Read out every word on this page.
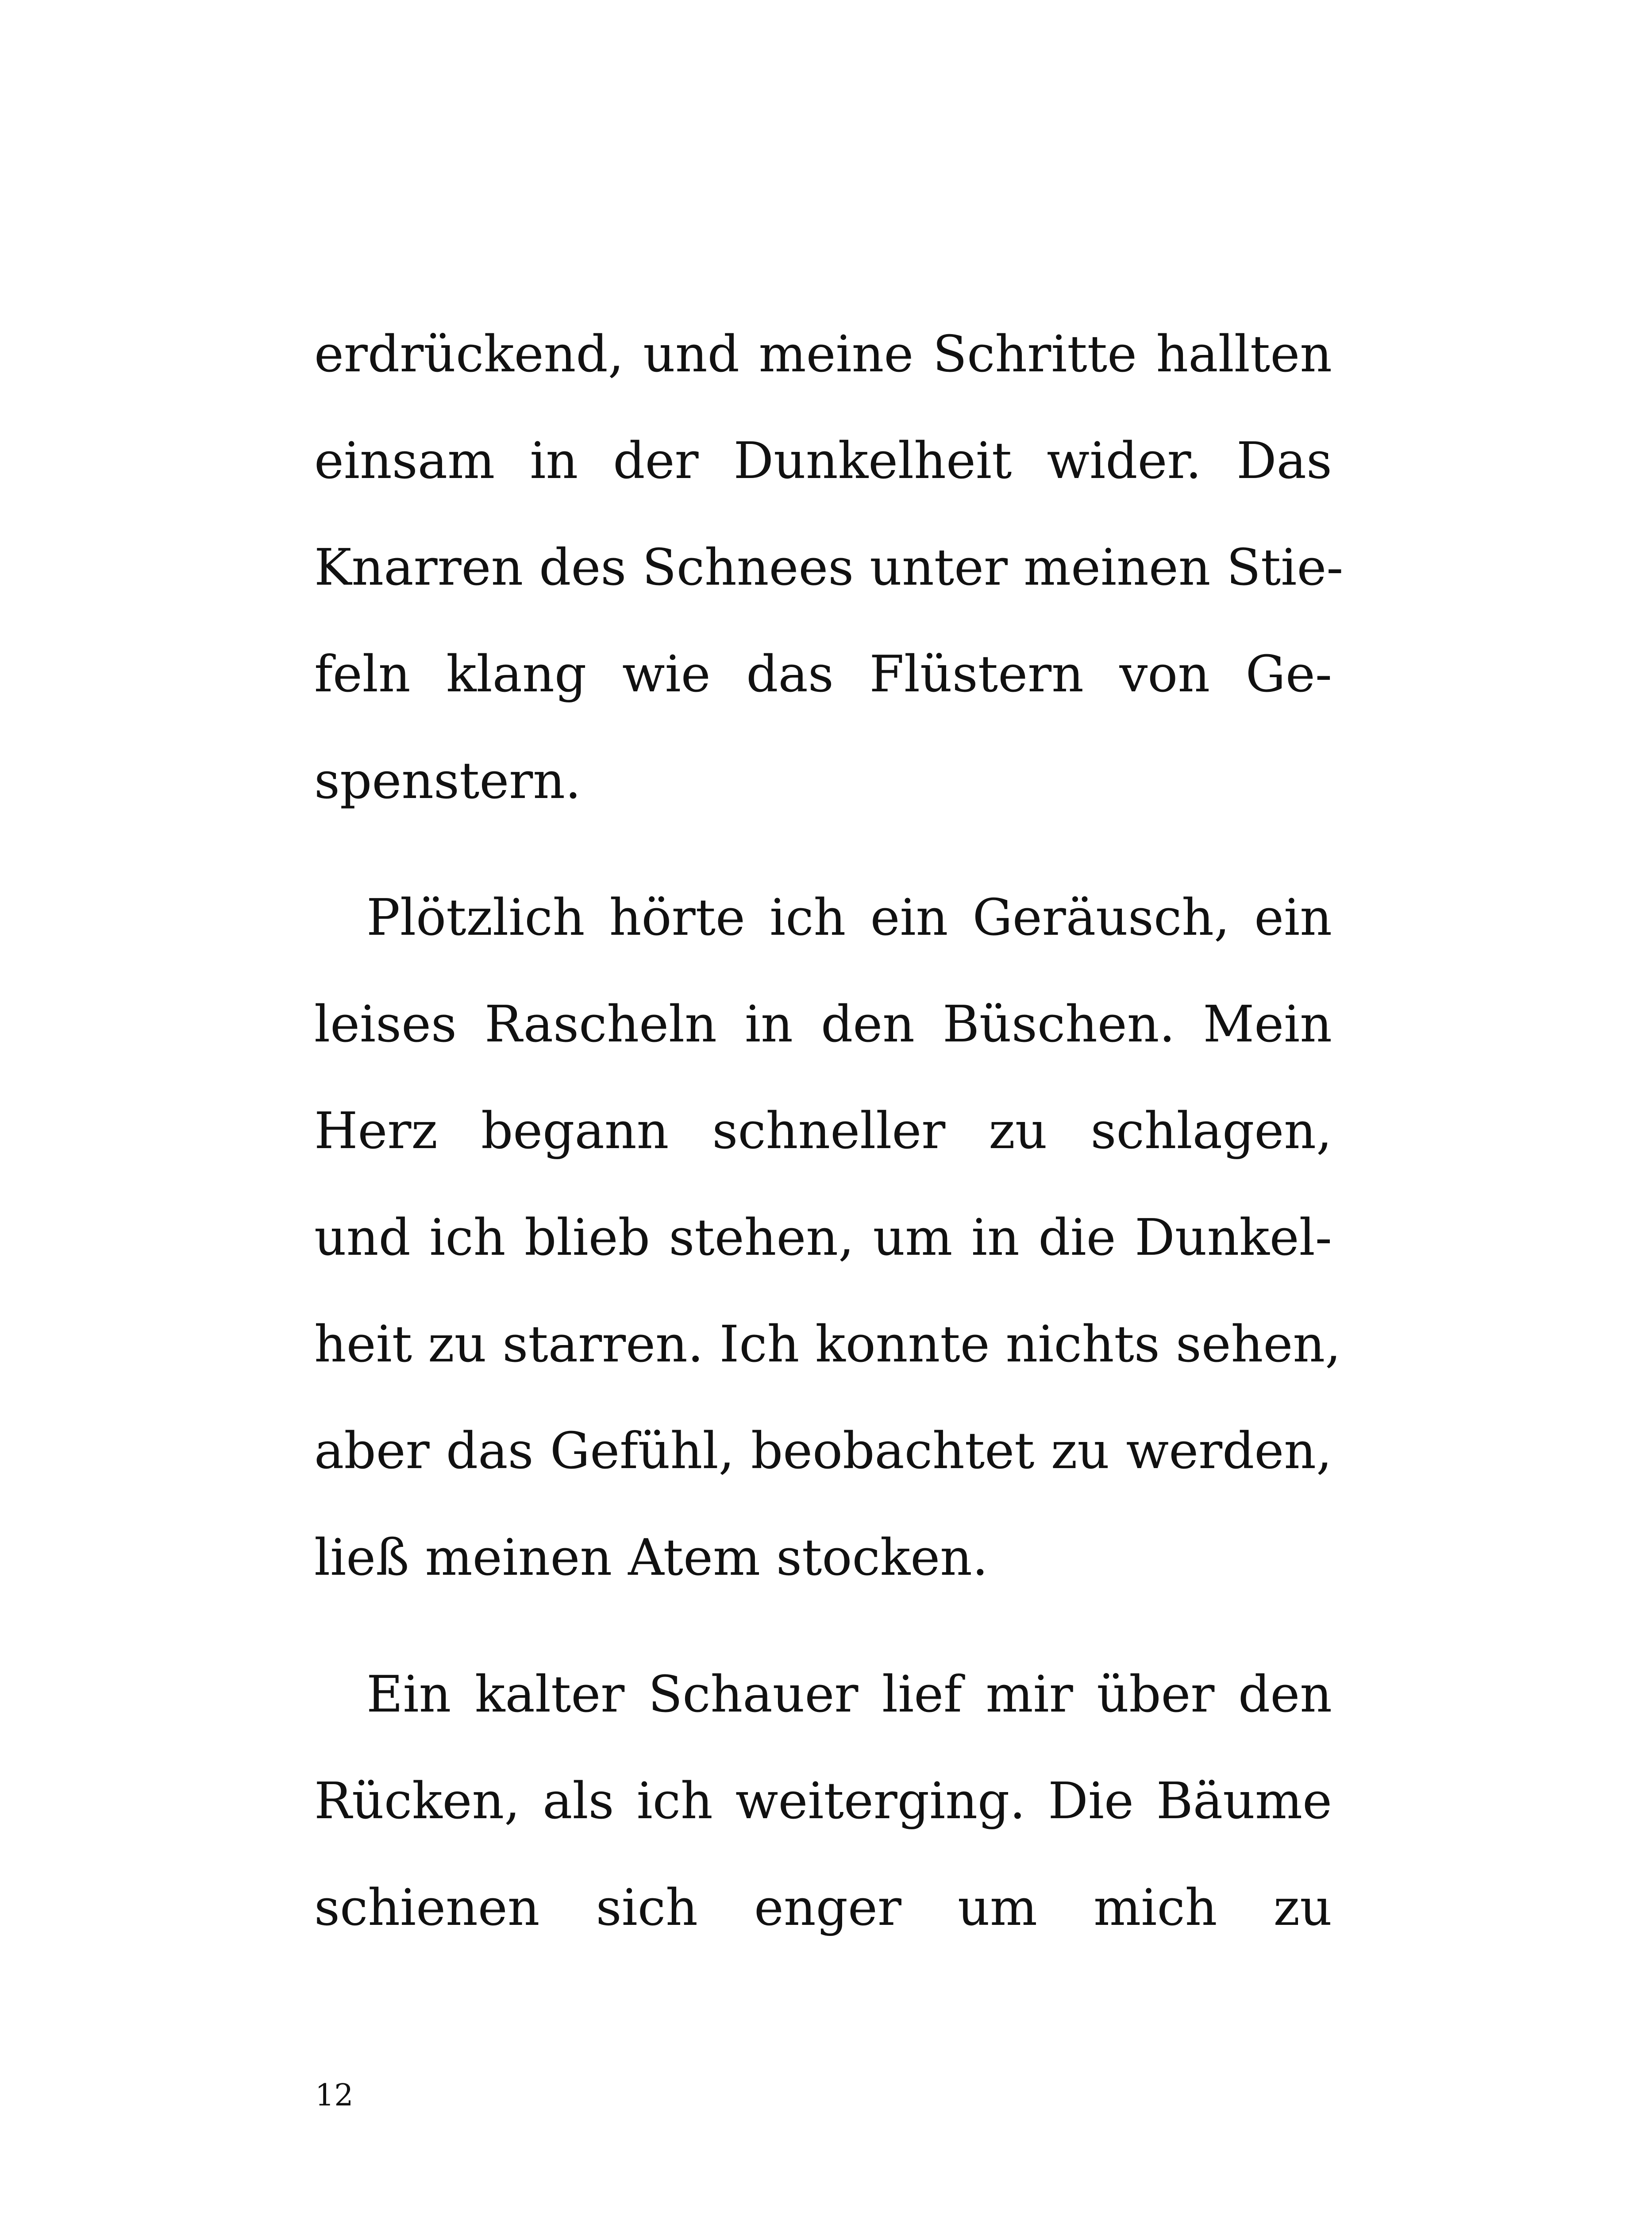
erdrückend, und meine Schritte hallten
einsam in der Dunkelheit wider. Das
Knarren des Schnees unter meinen Stie-
feln klang wie das Flüstern von Ge-
spenstern.
Plötzlich hörte ich ein Geräusch, ein
leises Rascheln in den Büschen. Mein
Herz begann schneller zu schlagen,
und ich blieb stehen, um in die Dunkel-
heit zu starren. Ich konnte nichts sehen,
aber das Gefühl, beobachtet zu werden,
ließ meinen Atem stocken.
Ein kalter Schauer lief mir über den
Rücken, als ich weiterging. Die Bäume
schienen sich enger um mich zu
12
